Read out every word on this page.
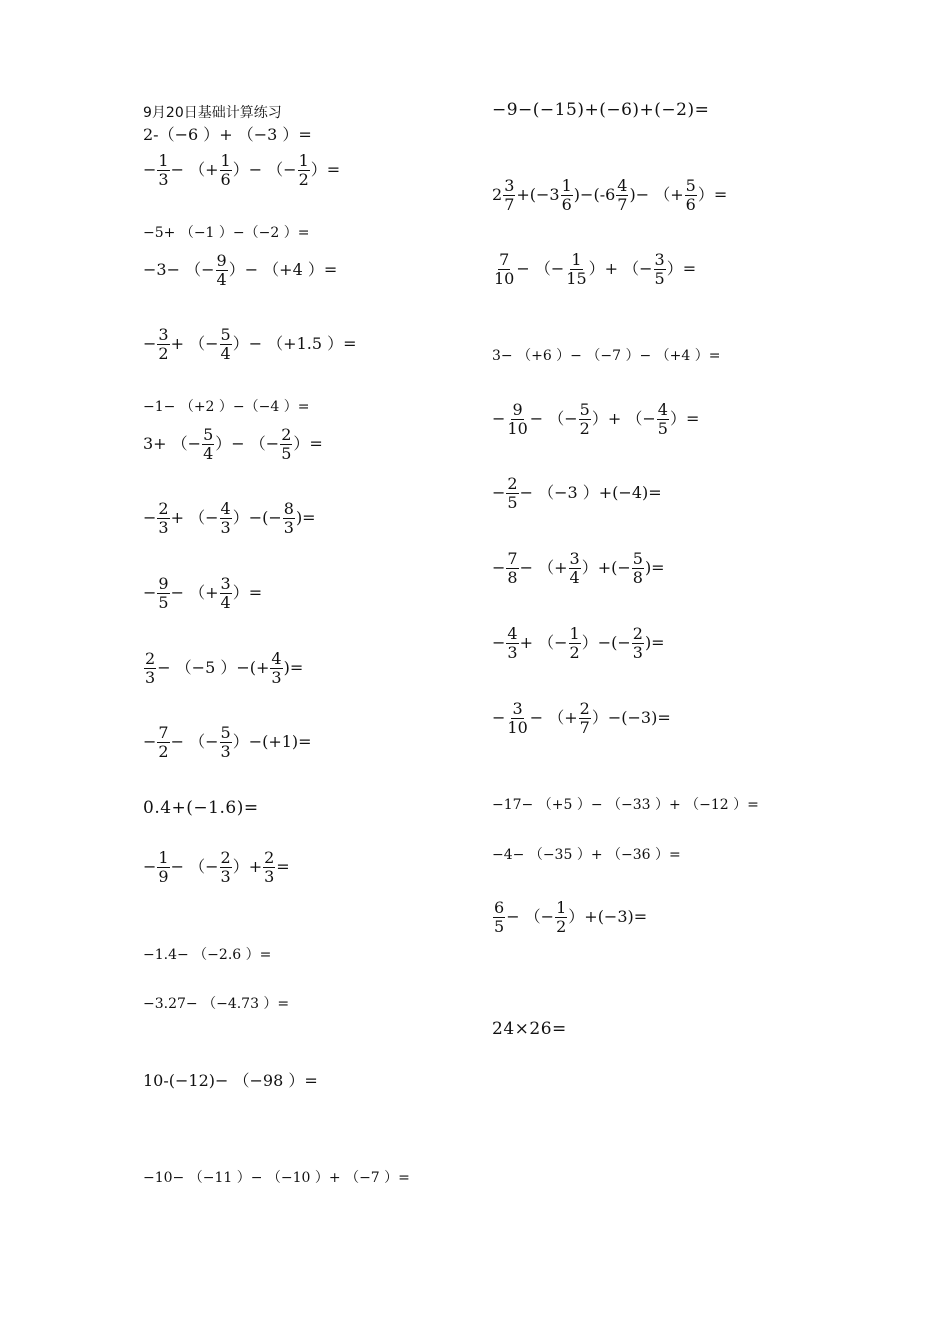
9月20日基础计算练习
2-（−6 ）+ （−3 ）=
− $\frac{1}{3}$ − （+ $\frac{1}{6}$ ）− （− $\frac{1}{2}$ ）=
−5+ （−1 ）−（−2 ）=
−3− （− $\frac{9}{4}$ ）− （+4 ）=
− $\frac{3}{2}$ + （− $\frac{5}{4}$ ）− （+1.5 ）=
−1− （+2 ）−（−4 ）=
3+ （− $\frac{5}{4}$ ）− （− $\frac{2}{5}$ ）=
− $\frac{2}{3}$ + （− $\frac{4}{3}$ ）−(− $\frac{8}{3}$ )=
− $\frac{9}{5}$ − （+ $\frac{3}{4}$ ）=
$\frac{2}{3} - (-5$ ）−(+ $\frac{4}{3}$ )=
− $\frac{7}{2}$ − （− $\frac{5}{3} )-(+1)=$
0.4+(−1.6)=
− $\frac{1}{9}$ − （− $\frac{2}{3}$ ）+ $\frac{2}{3}$ =
−1.4− （−2.6 ）=
−3.27− （−4.73 ）=
10-(−12)− （−98 ）=
−10− （−11 ）− （−10 ）+ （−7 ）=
−9−(−15)+(−6)+(−2)=
$2 \frac{3}{7} +(-3 \frac{1}{6} )-(-6 \frac{4}{7}$ )− （+ $\frac{5}{6}$ ）=
$\frac{7}{10}$ − （− $\frac{1}{15}$ ）+ （− $\frac{3}{5}$ ）=
3− （+6 ）− （−7 ）− （+4 ）=
− $\frac{9}{10}$ − （− $\frac{5}{2}$ ）+ （− $\frac{4}{5}$ ）=
− $\frac{2}{5} - (-3$ ）+(−4)=
− $\frac{7}{8}$ − （+ $\frac{3}{4}$ ）+(− $\frac{5}{8}$ )=
− $\frac{4}{3}$ + （− $\frac{1}{2}$ ）−(− $\frac{2}{3}$ )=
− $\frac{3}{10}$ − （+ $\frac{2}{7} )-(-3)=$
−17− （+5 ）− （−33 ）+ （−12 ）=
−4− （−35 ）+ （−36 ）=
$\frac{6}{5}$ − （− $\frac{1}{2} )+(-3)=$
24×26=
